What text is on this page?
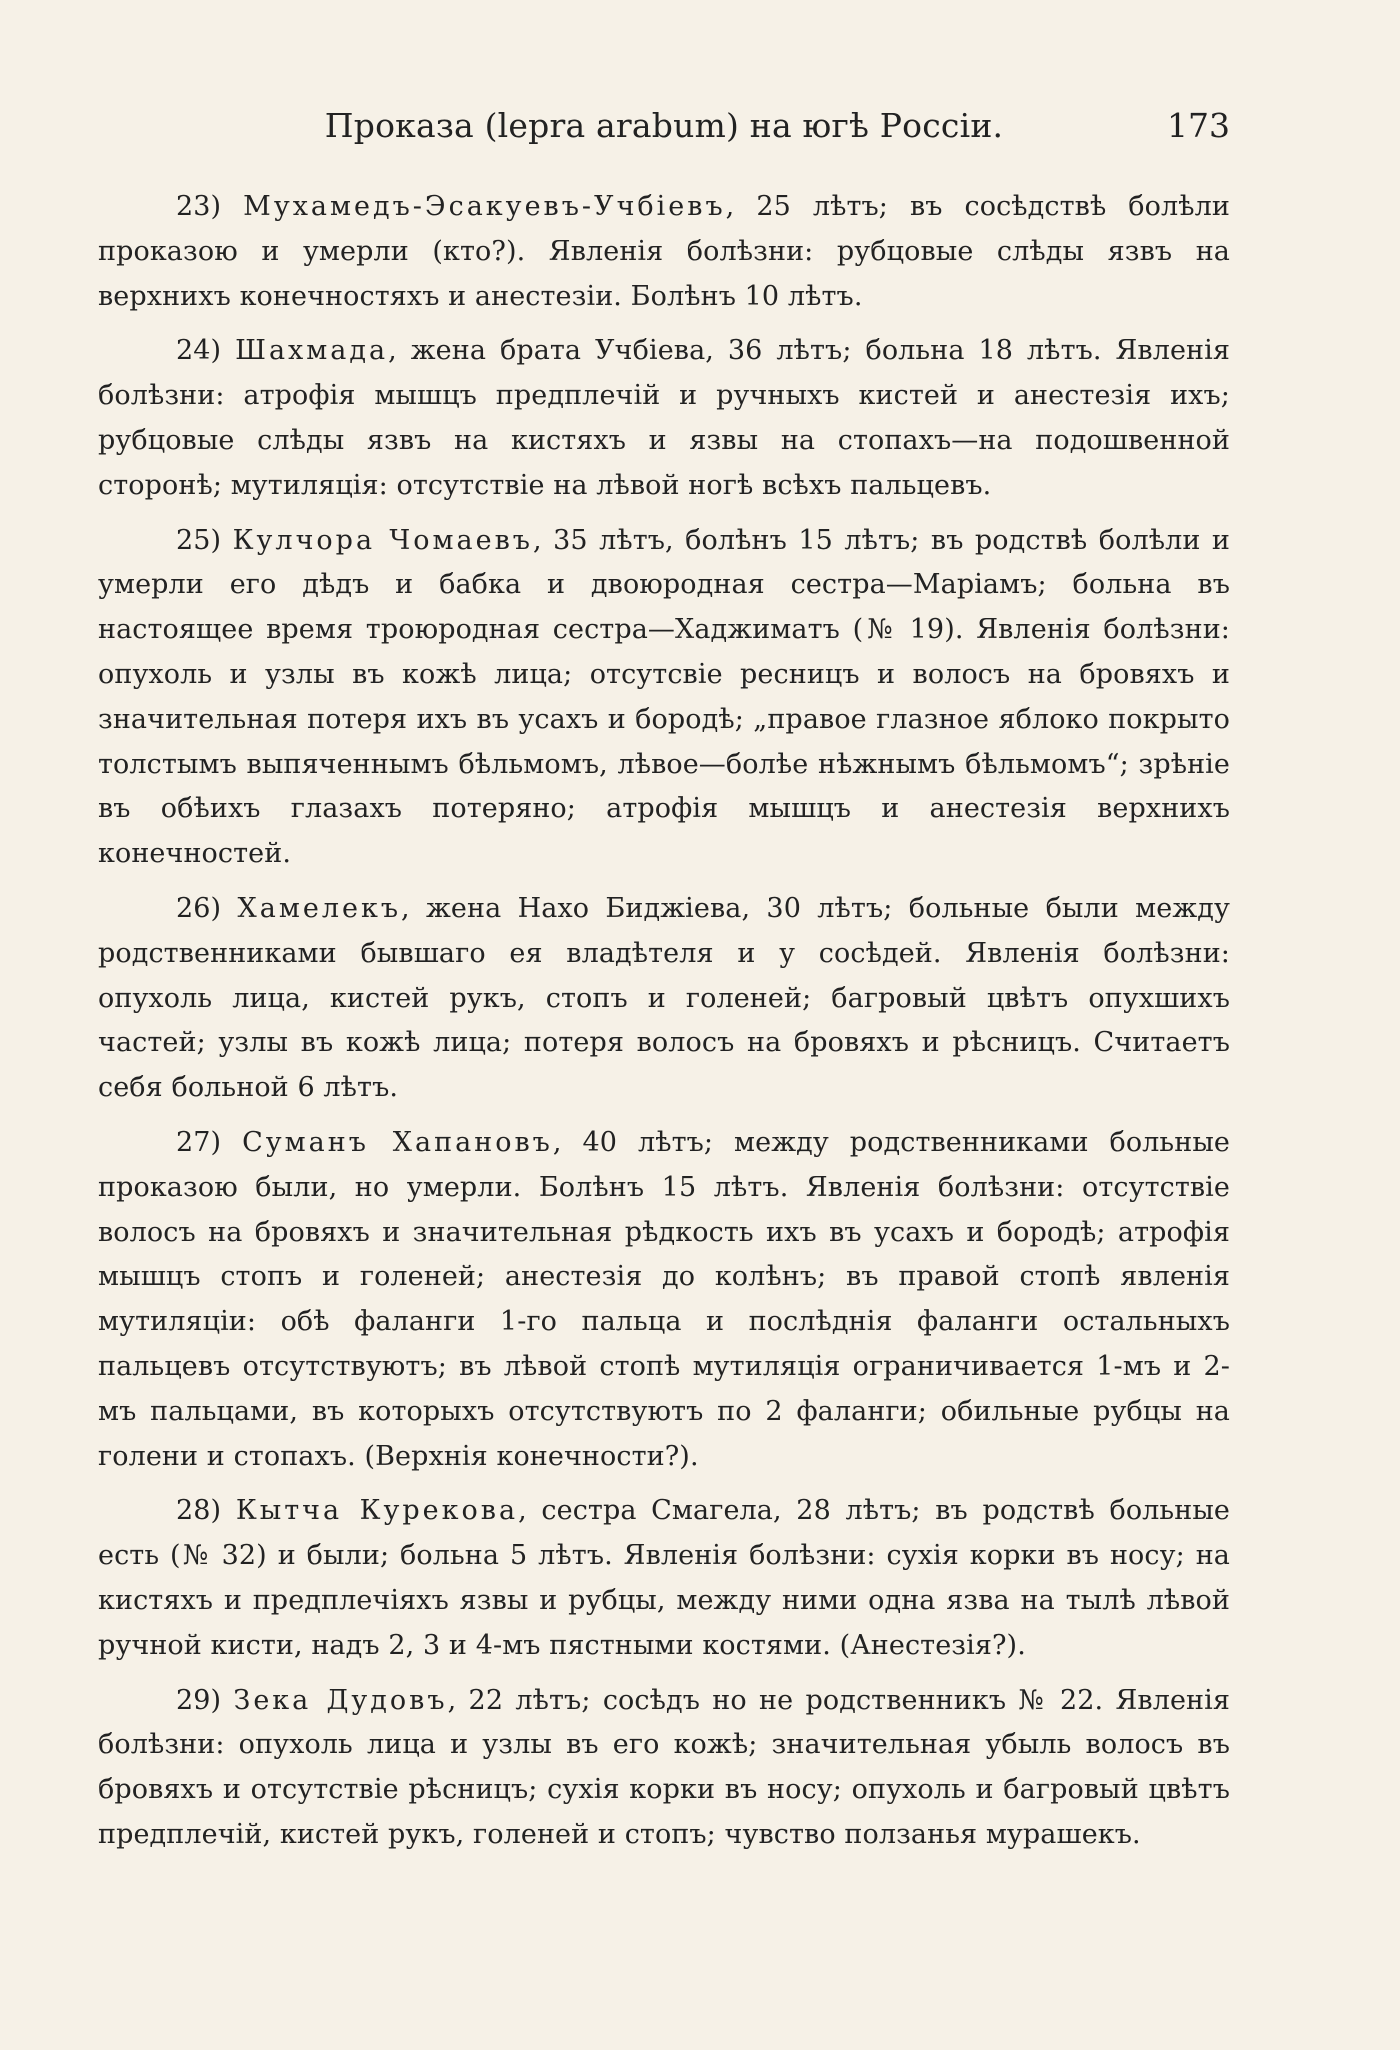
Проказа (lepra arabum) на югѣ Россіи.	173

23) Мухамедъ-Эсакуевъ-Учбіевъ, 25 лѣтъ; въ сосѣдствѣ болѣли проказою и умерли (кто?). Явленія болѣзни: рубцовые слѣды язвъ на верхнихъ конечностяхъ и анестезіи. Болѣнъ 10 лѣтъ.

24) Шахмада, жена брата Учбіева, 36 лѣтъ; больна 18 лѣтъ. Явленія болѣзни: атрофія мышцъ предплечій и ручныхъ кистей и анестезія ихъ; рубцовые слѣды язвъ на кистяхъ и язвы на стопахъ—на подошвенной сторонѣ; мутиляція: отсутствіе на лѣвой ногѣ всѣхъ пальцевъ.

25) Кулчора Чомаевъ, 35 лѣтъ, болѣнъ 15 лѣтъ; въ родствѣ болѣли и умерли его дѣдъ и бабка и двоюродная сестра—Маріамъ; больна въ настоящее время троюродная сестра—Хаджиматъ (№ 19). Явленія болѣзни: опухоль и узлы въ кожѣ лица; отсутсвіе ресницъ и волосъ на бровяхъ и значительная потеря ихъ въ усахъ и бородѣ; „правое глазное яблоко покрыто толстымъ выпяченнымъ бѣльмомъ, лѣвое—болѣе нѣжнымъ бѣльмомъ“; зрѣніе въ обѣихъ глазахъ потеряно; атрофія мышцъ и анестезія верхнихъ конечностей.

26) Хамелекъ, жена Нахо Биджіева, 30 лѣтъ; больные были между родственниками бывшаго ея владѣтеля и у сосѣдей. Явленія болѣзни: опухоль лица, кистей рукъ, стопъ и голеней; багровый цвѣтъ опухшихъ частей; узлы въ кожѣ лица; потеря волосъ на бровяхъ и рѣсницъ. Считаетъ себя больной 6 лѣтъ.

27) Суманъ Хапановъ, 40 лѣтъ; между родственниками больные проказою были, но умерли. Болѣнъ 15 лѣтъ. Явленія болѣзни: отсутствіе волосъ на бровяхъ и значительная рѣдкость ихъ въ усахъ и бородѣ; атрофія мышцъ стопъ и голеней; анестезія до колѣнъ; въ правой стопѣ явленія мутиляціи: обѣ фаланги 1-го пальца и послѣднія фаланги остальныхъ пальцевъ отсутствуютъ; въ лѣвой стопѣ мутиляція ограничивается 1-мъ и 2-мъ пальцами, въ которыхъ отсутствуютъ по 2 фаланги; обильные рубцы на голени и стопахъ. (Верхнія конечности?).

28) Кытча Курекова, сестра Смагела, 28 лѣтъ; въ родствѣ больные есть (№ 32) и были; больна 5 лѣтъ. Явленія болѣзни: сухія корки въ носу; на кистяхъ и предплечіяхъ язвы и рубцы, между ними одна язва на тылѣ лѣвой ручной кисти, надъ 2, 3 и 4-мъ пястными костями. (Анестезія?).

29) Зека Дудовъ, 22 лѣтъ; сосѣдъ но не родственникъ № 22. Явленія болѣзни: опухоль лица и узлы въ его кожѣ; значительная убыль волосъ въ бровяхъ и отсутствіе рѣсницъ; сухія корки въ носу; опухоль и багровый цвѣтъ предплечій, кистей рукъ, голеней и стопъ; чувство ползанья мурашекъ.
